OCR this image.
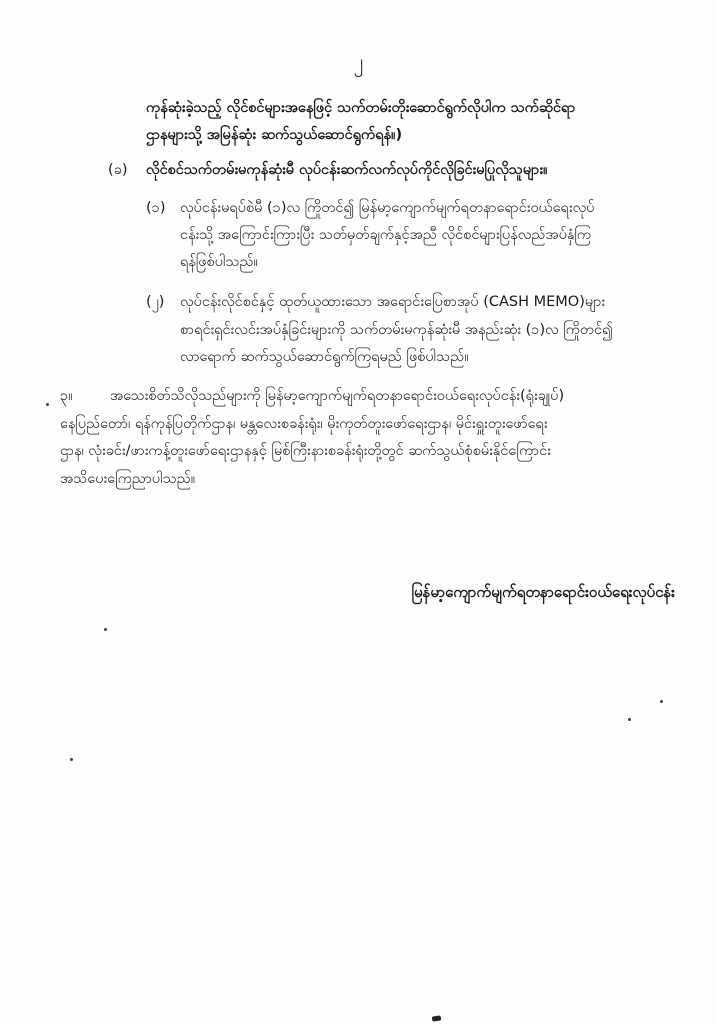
၂
ကုန်ဆုံးခဲ့သည့် လိုင်စင်များအနေဖြင့် သက်တမ်းတိုးဆောင်ရွက်လိုပါက သက်ဆိုင်ရာ
ဌာနများသို့ အမြန်ဆုံး ဆက်သွယ်ဆောင်ရွက်ရန်။)
(ခ) လိုင်စင်သက်တမ်းမကုန်ဆုံးမီ လုပ်ငန်းဆက်လက်လုပ်ကိုင်လိုခြင်းမပြုလိုသူများ။
(၁) လုပ်ငန်းမရပ်စဲမီ (၁)လ ကြိုတင်၍ မြန်မာ့ကျောက်မျက်ရတနာရောင်းဝယ်ရေးလုပ်
ငန်းသို့ အကြောင်းကြားပြီး သတ်မှတ်ချက်နှင့်အညီ လိုင်စင်များပြန်လည်အပ်နှံကြ
ရန်ဖြစ်ပါသည်။
(၂) လုပ်ငန်းလိုင်စင်နှင့် ထုတ်ယူထားသော အရောင်းပြေစာအုပ် (CASH MEMO)များ
စာရင်းရှင်းလင်းအပ်နှံခြင်းများကို သက်တမ်းမကုန်ဆုံးမီ အနည်းဆုံး (၁)လ ကြိုတင်၍
လာရောက် ဆက်သွယ်ဆောင်ရွက်ကြရမည် ဖြစ်ပါသည်။
၃။	အသေးစိတ်သိလိုသည်များကို မြန်မာ့ကျောက်မျက်ရတနာရောင်းဝယ်ရေးလုပ်ငန်း(ရုံးချုပ်)
နေပြည်တော်၊ ရန်ကုန်ပြတိုက်ဌာန၊ မန္တလေးစခန်းရုံး၊ မိုးကုတ်တူးဖော်ရေးဌာန၊ မိုင်းရှူးတူးဖော်ရေး
ဌာန၊ လုံးခင်း/ဖားကန့်တူးဖော်ရေးဌာနနှင့် မြစ်ကြီးနားစခန်းရုံးတို့တွင် ဆက်သွယ်စုံစမ်းနိုင်ကြောင်း
အသိပေးကြေညာပါသည်။
မြန်မာ့ကျောက်မျက်ရတနာရောင်းဝယ်ရေးလုပ်ငန်း
